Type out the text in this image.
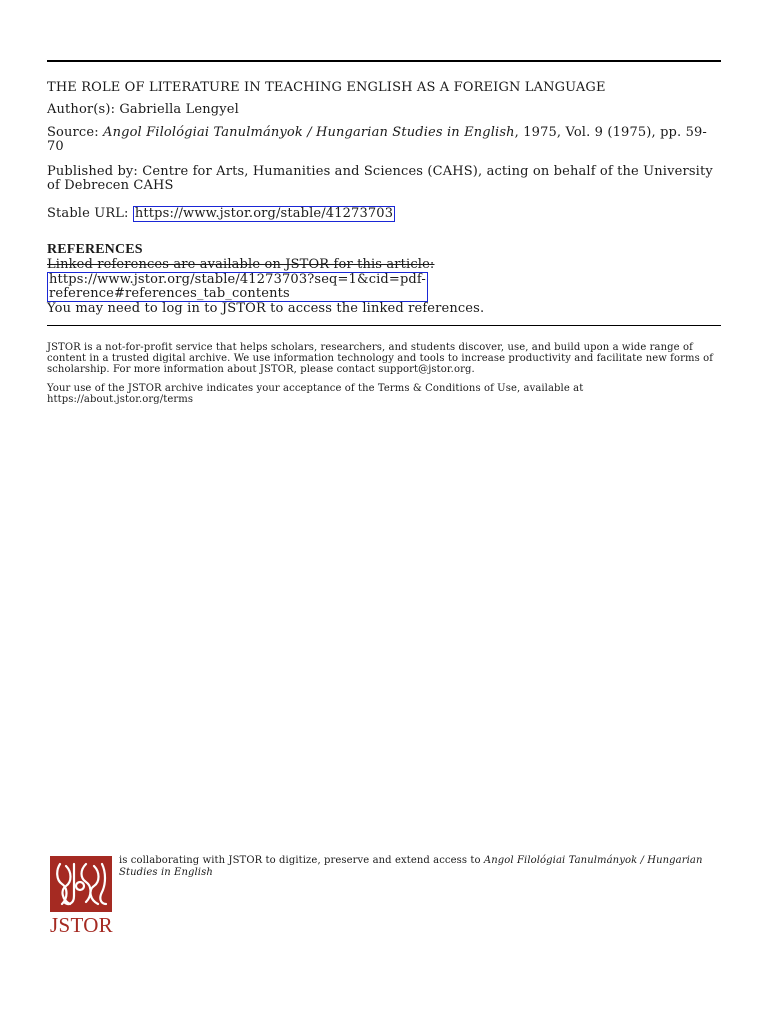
THE ROLE OF LITERATURE IN TEACHING ENGLISH AS A FOREIGN LANGUAGE
Author(s): Gabriella Lengyel
Source: Angol Filológiai Tanulmányok / Hungarian Studies in English, 1975, Vol. 9 (1975), pp. 59-70
Published by: Centre for Arts, Humanities and Sciences (CAHS), acting on behalf of the University of Debrecen CAHS
Stable URL: https://www.jstor.org/stable/41273703
REFERENCES
Linked references are available on JSTOR for this article:
https://www.jstor.org/stable/41273703?seq=1&cid=pdf-
reference#references_tab_contents
You may need to log in to JSTOR to access the linked references.
JSTOR is a not-for-profit service that helps scholars, researchers, and students discover, use, and build upon a wide range of content in a trusted digital archive. We use information technology and tools to increase productivity and facilitate new forms of scholarship. For more information about JSTOR, please contact support@jstor.org.
Your use of the JSTOR archive indicates your acceptance of the Terms & Conditions of Use, available at https://about.jstor.org/terms
JSTOR
is collaborating with JSTOR to digitize, preserve and extend access to Angol Filológiai Tanulmányok / Hungarian Studies in English
